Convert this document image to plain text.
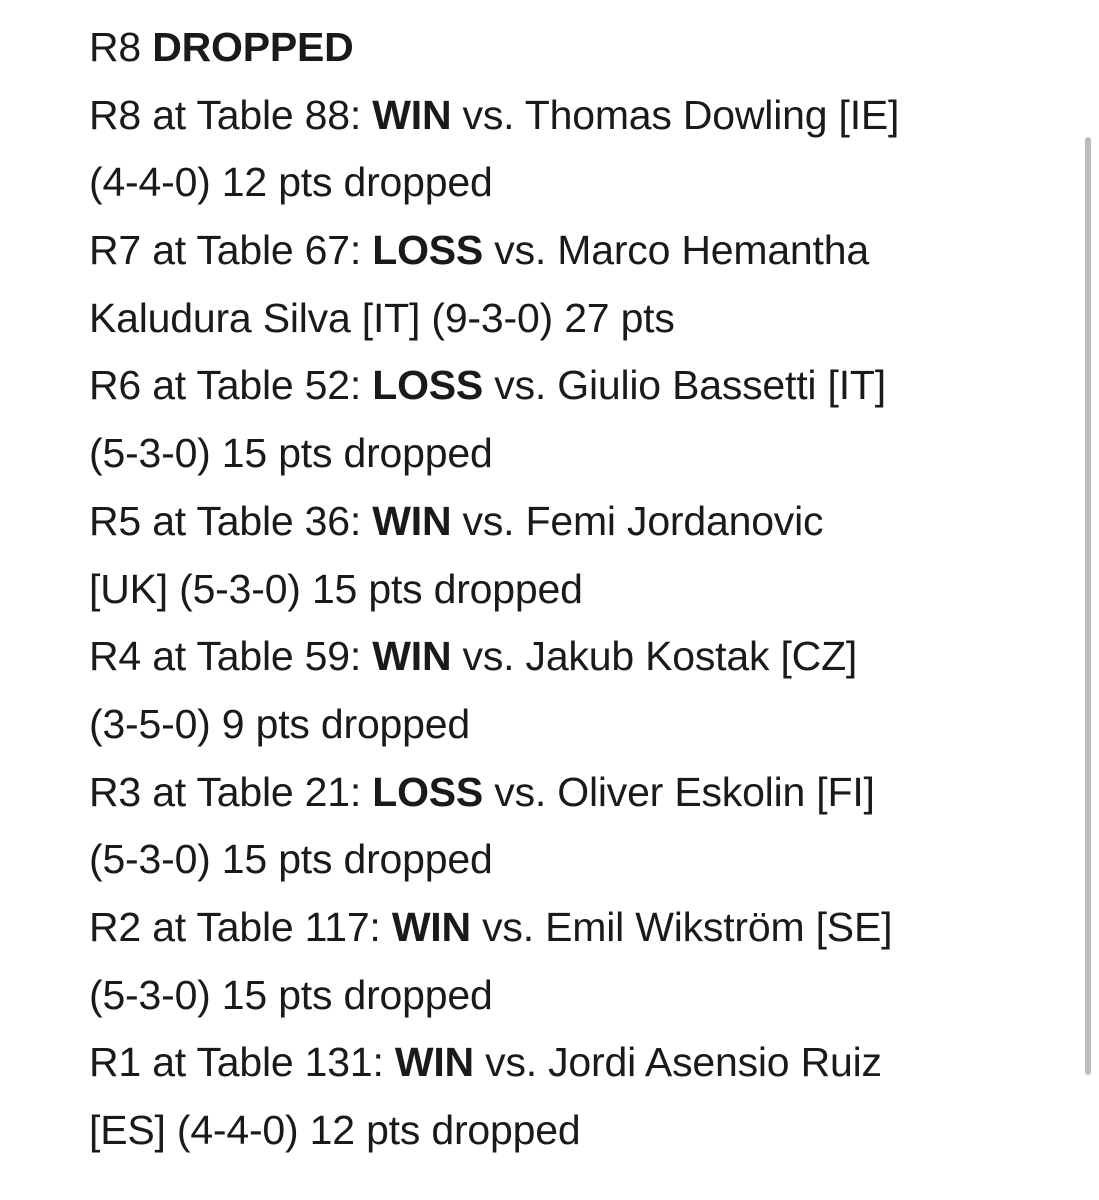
R8 DROPPED
R8 at Table 88: WIN vs. Thomas Dowling [IE]
(4-4-0) 12 pts dropped
R7 at Table 67: LOSS vs. Marco Hemantha
Kaludura Silva [IT] (9-3-0) 27 pts
R6 at Table 52: LOSS vs. Giulio Bassetti [IT]
(5-3-0) 15 pts dropped
R5 at Table 36: WIN vs. Femi Jordanovic
[UK] (5-3-0) 15 pts dropped
R4 at Table 59: WIN vs. Jakub Kostak [CZ]
(3-5-0) 9 pts dropped
R3 at Table 21: LOSS vs. Oliver Eskolin [FI]
(5-3-0) 15 pts dropped
R2 at Table 117: WIN vs. Emil Wikström [SE]
(5-3-0) 15 pts dropped
R1 at Table 131: WIN vs. Jordi Asensio Ruiz
[ES] (4-4-0) 12 pts dropped
